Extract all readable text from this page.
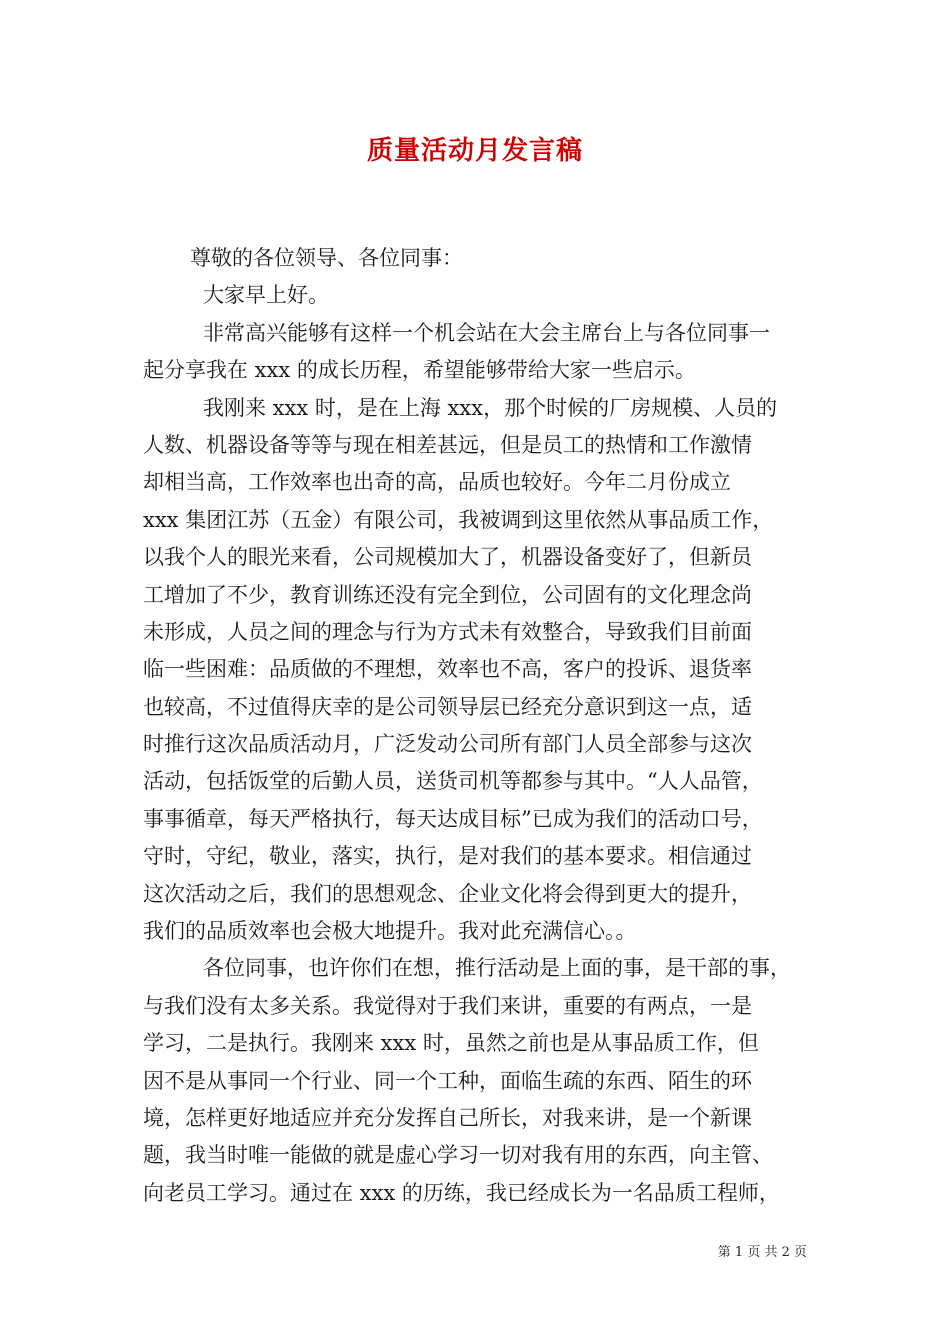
质量活动月发言稿
尊敬的各位领导、各位同事：
大家早上好。
非常高兴能够有这样一个机会站在大会主席台上与各位同事一
起分享我在 xxx 的成长历程，希望能够带给大家一些启示。
我刚来 xxx 时，是在上海 xxx，那个时候的厂房规模、人员的
人数、机器设备等等与现在相差甚远，但是员工的热情和工作激情
却相当高，工作效率也出奇的高，品质也较好。今年二月份成立
xxx 集团江苏（五金）有限公司，我被调到这里依然从事品质工作，
以我个人的眼光来看，公司规模加大了，机器设备变好了，但新员
工增加了不少，教育训练还没有完全到位，公司固有的文化理念尚
未形成，人员之间的理念与行为方式未有效整合，导致我们目前面
临一些困难：品质做的不理想，效率也不高，客户的投诉、退货率
也较高，不过值得庆幸的是公司领导层已经充分意识到这一点，适
时推行这次品质活动月，广泛发动公司所有部门人员全部参与这次
活动，包括饭堂的后勤人员，送货司机等都参与其中。“人人品管，
事事循章，每天严格执行，每天达成目标”已成为我们的活动口号，
守时，守纪，敬业，落实，执行，是对我们的基本要求。相信通过
这次活动之后，我们的思想观念、企业文化将会得到更大的提升，
我们的品质效率也会极大地提升。我对此充满信心。。
各位同事，也许你们在想，推行活动是上面的事，是干部的事，
与我们没有太多关系。我觉得对于我们来讲，重要的有两点，一是
学习，二是执行。我刚来 xxx 时，虽然之前也是从事品质工作，但
因不是从事同一个行业、同一个工种，面临生疏的东西、陌生的环
境，怎样更好地适应并充分发挥自己所长，对我来讲，是一个新课
题，我当时唯一能做的就是虚心学习一切对我有用的东西，向主管、
向老员工学习。通过在 xxx 的历练，我已经成长为一名品质工程师，
第 1 页 共 2 页
